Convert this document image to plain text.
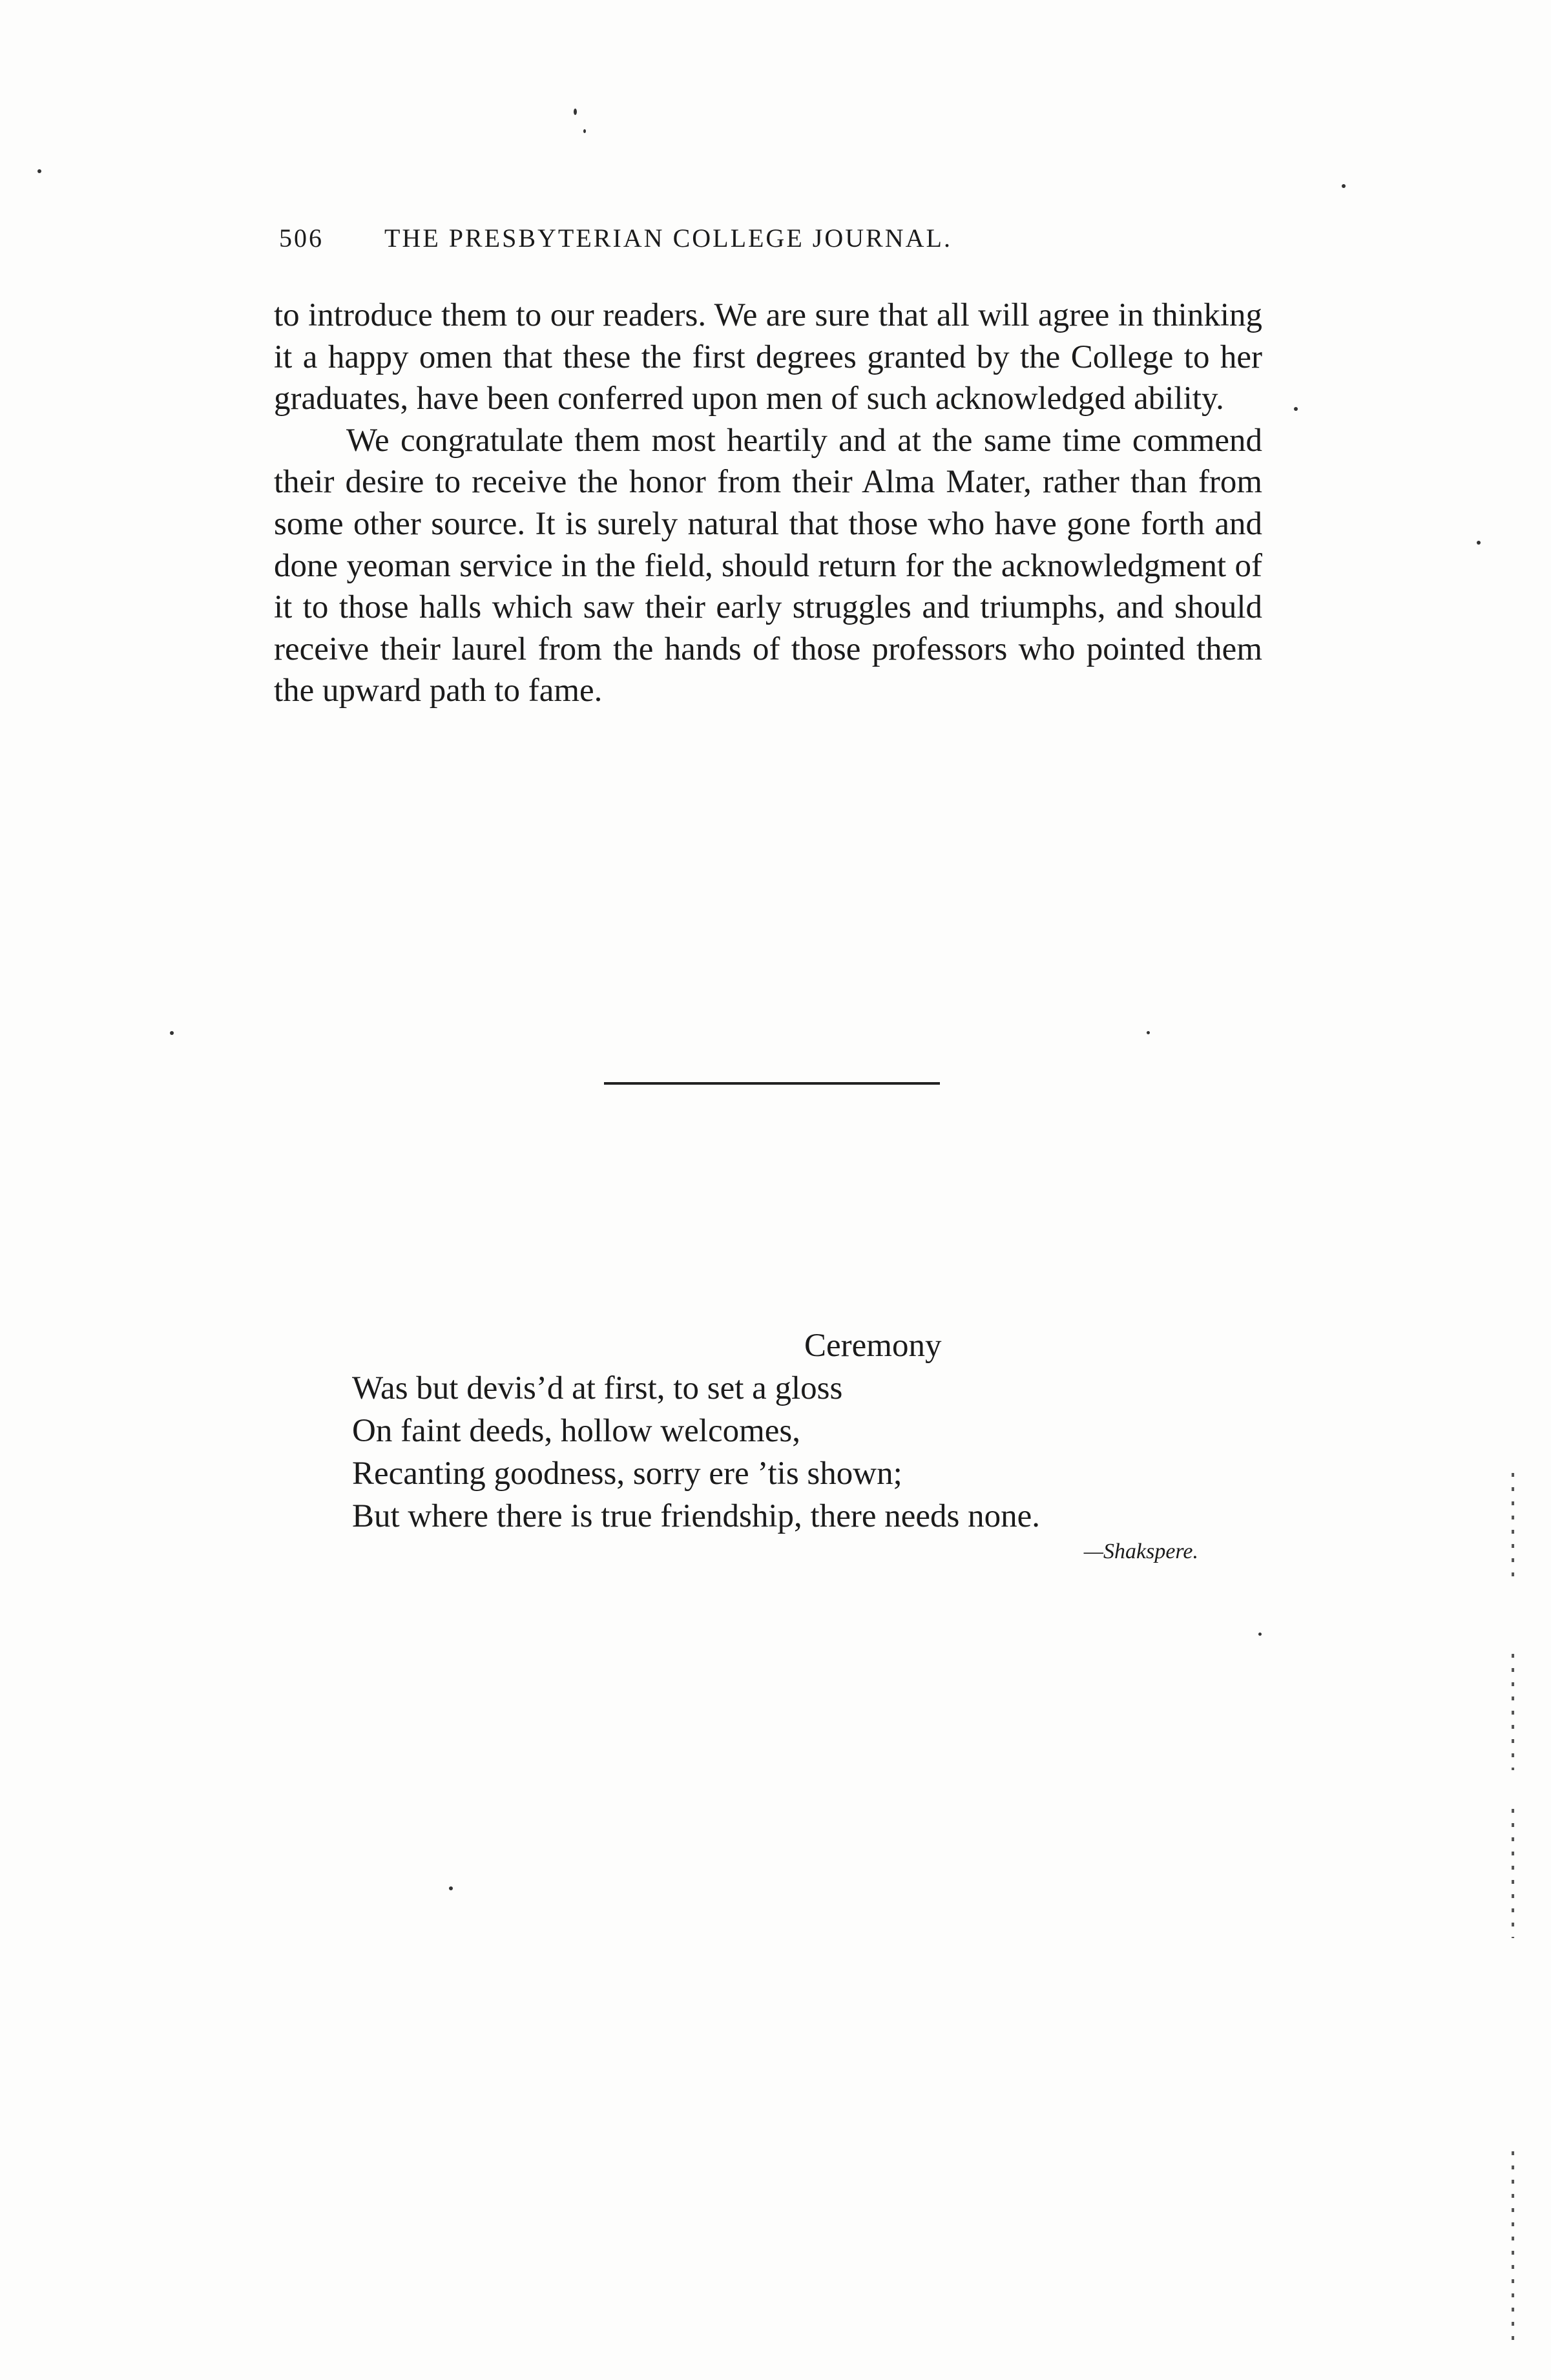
506 THE PRESBYTERIAN COLLEGE JOURNAL.

to introduce them to our readers. We are sure that all will agree in thinking it a happy omen that these the first degrees granted by the College to her graduates, have been conferred upon men of such acknowledged ability.

We congratulate them most heartily and at the same time commend their desire to receive the honor from their Alma Mater, rather than from some other source. It is surely natural that those who have gone forth and done yeoman service in the field, should return for the acknowledgment of it to those halls which saw their early struggles and triumphs, and should receive their laurel from the hands of those professors who pointed them the upward path to fame.

Ceremony
Was but devis’d at first, to set a gloss
On faint deeds, hollow welcomes,
Recanting goodness, sorry ere ’tis shown;
But where there is true friendship, there needs none.
—Shakspere.
